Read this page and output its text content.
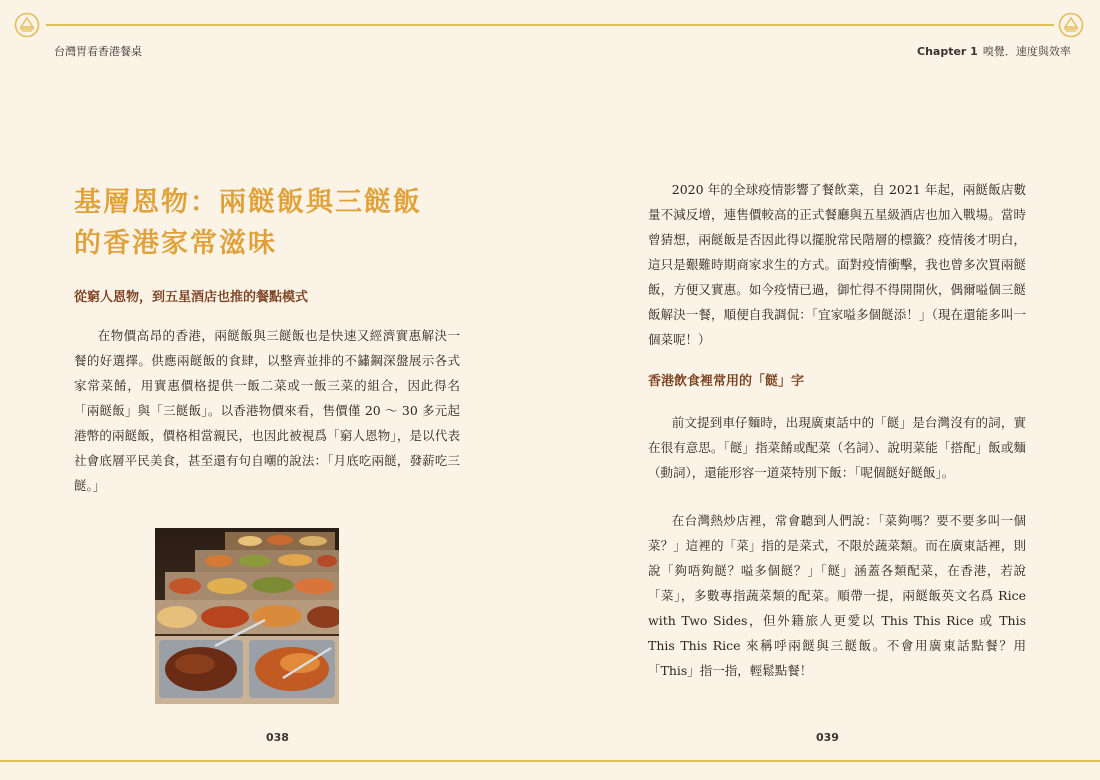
台灣胃看香港餐桌
基層恩物：兩餸飯與三餸飯
的香港家常滋味

從窮人恩物，到五星酒店也推的餐點模式

在物價高昂的香港，兩餸飯與三餸飯也是快速又經濟實惠解決一餐的好選擇。供應兩餸飯的食肆，以整齊並排的不鏽鋼深盤展示各式家常菜餚，用實惠價格提供一飯二菜或一飯三菜的組合，因此得名「兩餸飯」與「三餸飯」。以香港物價來看，售價僅 20 ～ 30 多元起港幣的兩餸飯，價格相當親民，也因此被視爲「窮人恩物」，是以代表社會底層平民美食，甚至還有句自嘲的說法：「月底吃兩餸，發薪吃三餸。」

038
Chapter 1 嗅覺．速度與效率

2020 年的全球疫情影響了餐飲業，自 2021 年起，兩餸飯店數量不減反增，連售價較高的正式餐廳與五星級酒店也加入戰場。當時曾猜想，兩餸飯是否因此得以擺脫常民階層的標籤？疫情後才明白，這只是艱難時期商家求生的方式。面對疫情衝擊，我也曾多次買兩餸飯，方便又實惠。如今疫情已過，御忙得不得開開伙，偶爾嗌個三餸飯解決一餐，順便自我調侃：「宜家嗌多個餸添！」（現在還能多叫一個菜呢！）

香港飲食裡常用的「餸」字

前文提到車仔麵時，出現廣東話中的「餸」是台灣沒有的詞，實在很有意思。「餸」指菜餚或配菜（名詞）、說明菜能「搭配」飯或麵（動詞），還能形容一道菜特別下飯：「呢個餸好餸飯」。

在台灣熱炒店裡，常會聽到人們說：「菜夠嗎？要不要多叫一個菜？」這裡的「菜」指的是菜式，不限於蔬菜類。而在廣東話裡，則說「夠唔夠餸？嗌多個餸？」「餸」涵蓋各類配菜，在香港，若說「菜」，多數專指蔬菜類的配菜。順帶一提，兩餸飯英文名爲 Rice with Two Sides，但外籍旅人更愛以 This This Rice 或 This This This Rice 來稱呼兩餸與三餸飯。不會用廣東話點餐？用「This」指一指，輕鬆點餐！

039
